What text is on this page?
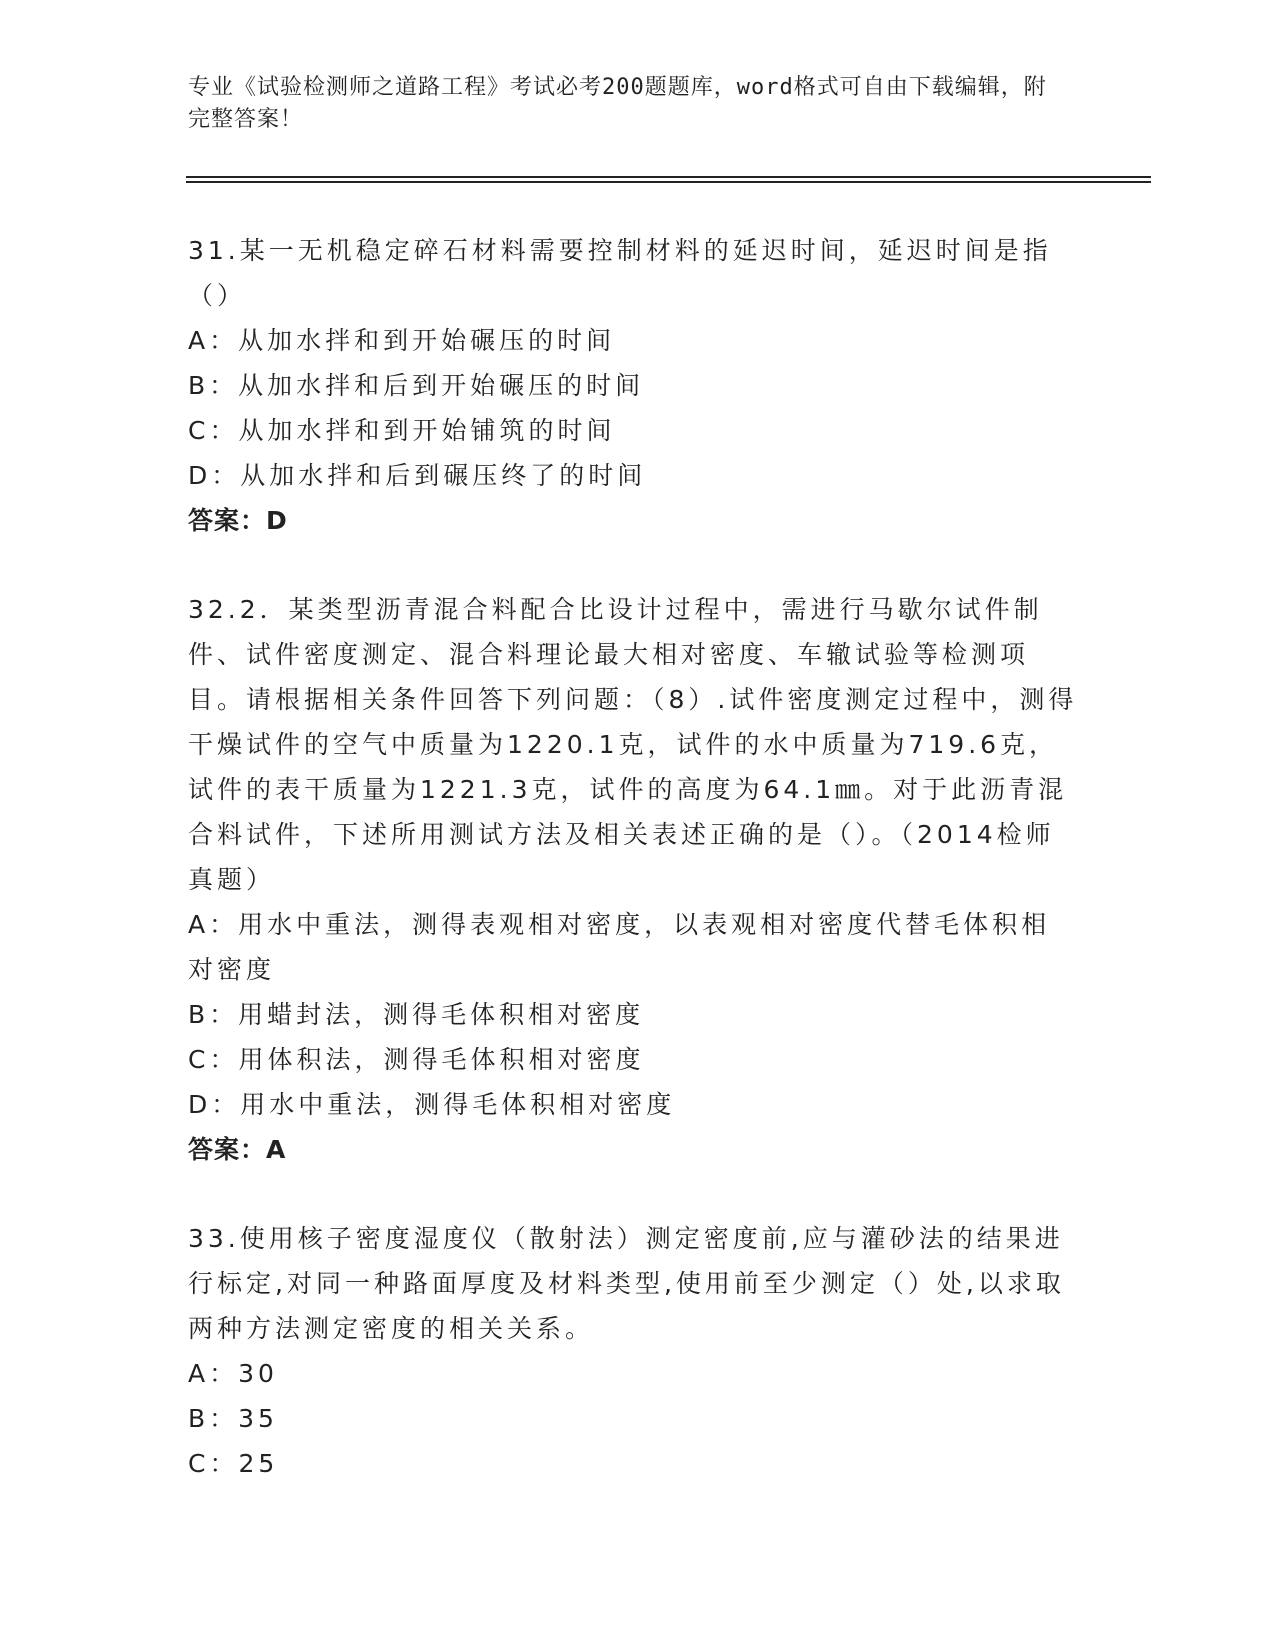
专业《试验检测师之道路工程》考试必考200题题库，word格式可自由下载编辑，附完整答案！

31.某一无机稳定碎石材料需要控制材料的延迟时间，延迟时间是指（）

A：从加水拌和到开始碾压的时间

B：从加水拌和后到开始碾压的时间

C：从加水拌和到开始铺筑的时间

D：从加水拌和后到碾压终了的时间

答案：D

32.2．某类型沥青混合料配合比设计过程中，需进行马歇尔试件制件、试件密度测定、混合料理论最大相对密度、车辙试验等检测项目。请根据相关条件回答下列问题：（8）.试件密度测定过程中，测得干燥试件的空气中质量为1220.1克，试件的水中质量为719.6克，试件的表干质量为1221.3克，试件的高度为64.1㎜。对于此沥青混合料试件，下述所用测试方法及相关表述正确的是（）。（2014检师真题）

A：用水中重法，测得表观相对密度，以表观相对密度代替毛体积相对密度

B：用蜡封法，测得毛体积相对密度

C：用体积法，测得毛体积相对密度

D：用水中重法，测得毛体积相对密度

答案：A

33.使用核子密度湿度仪（散射法）测定密度前,应与灌砂法的结果进行标定,对同一种路面厚度及材料类型,使用前至少测定（）处,以求取两种方法测定密度的相关关系。

A：30

B：35

C：25
